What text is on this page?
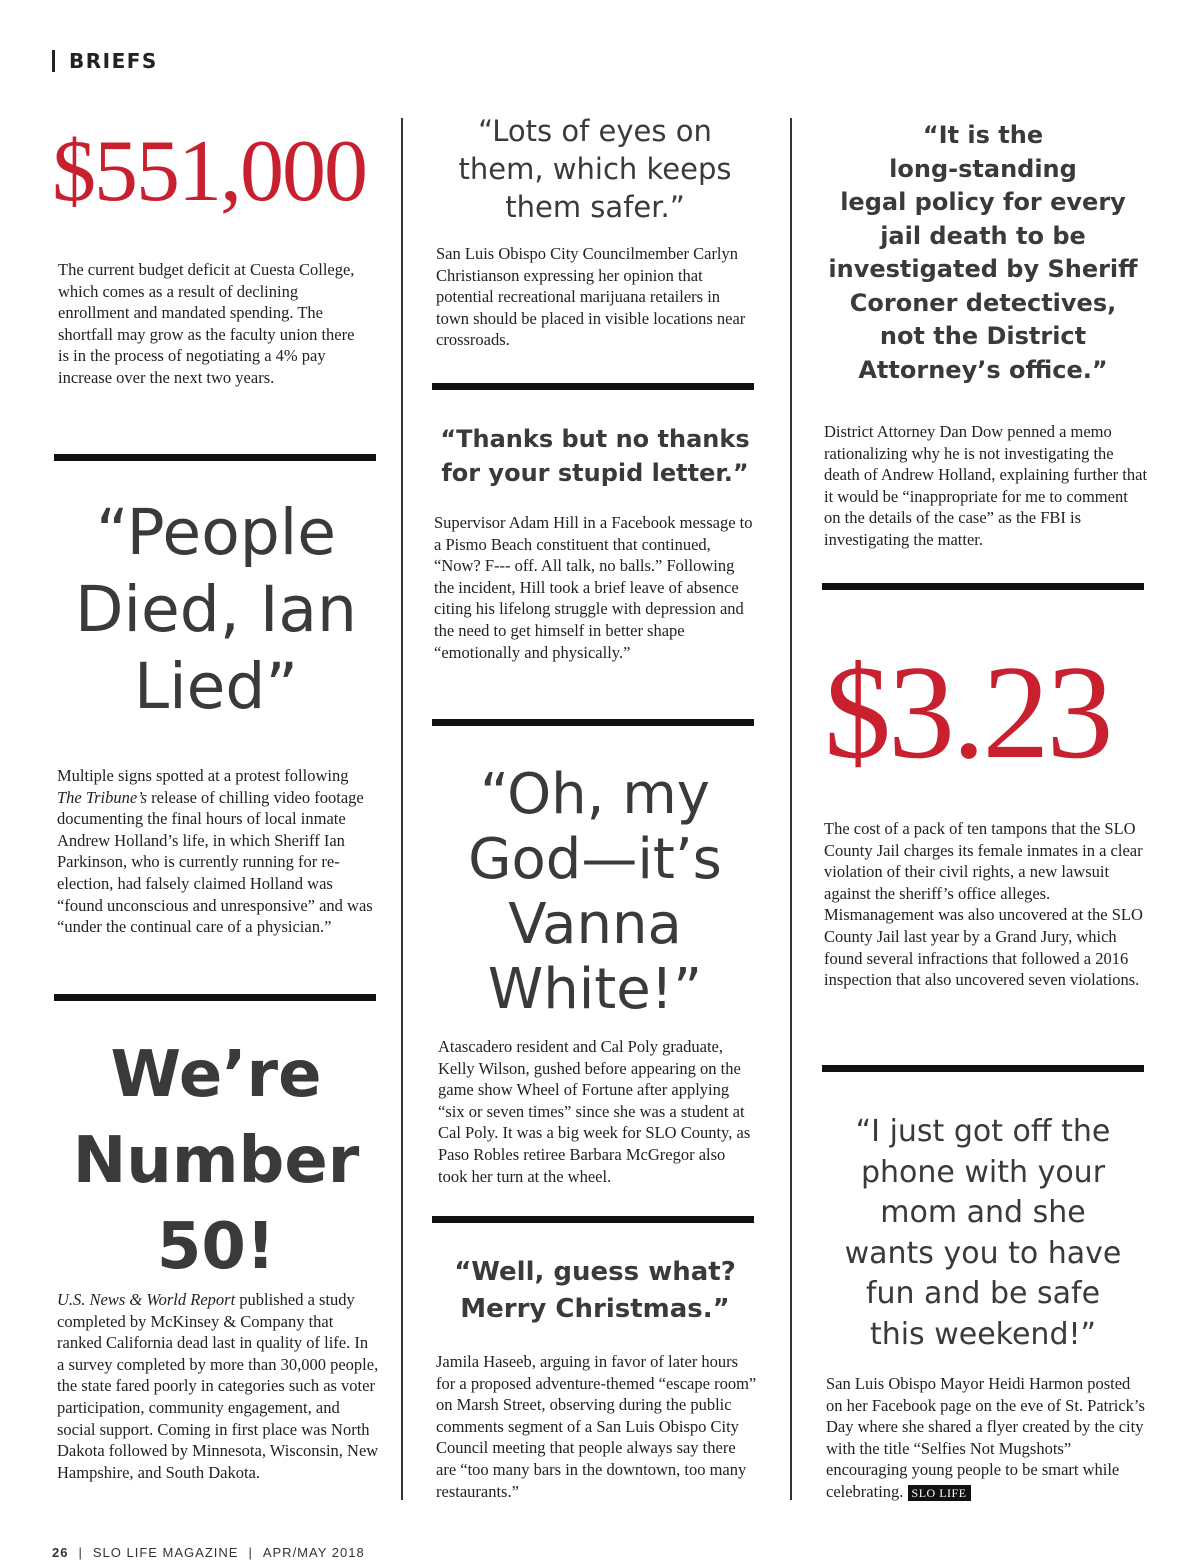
BRIEFS
$551,000
The current budget deficit at Cuesta College, which comes as a result of declining enrollment and mandated spending. The shortfall may grow as the faculty union there is in the process of negotiating a 4% pay increase over the next two years.
“People
Died, Ian
Lied”
Multiple signs spotted at a protest following The Tribune’s release of chilling video footage documenting the final hours of local inmate Andrew Holland’s life, in which Sheriff Ian Parkinson, who is currently running for re-election, had falsely claimed Holland was “found unconscious and unresponsive” and was “under the continual care of a physician.”
We’re
Number
50!
U.S. News & World Report published a study completed by McKinsey & Company that ranked California dead last in quality of life. In a survey completed by more than 30,000 people, the state fared poorly in categories such as voter participation, community engagement, and social support. Coming in first place was North Dakota followed by Minnesota, Wisconsin, New Hampshire, and South Dakota.
“Lots of eyes on
them, which keeps
them safer.”
San Luis Obispo City Councilmember Carlyn Christianson expressing her opinion that potential recreational marijuana retailers in town should be placed in visible locations near crossroads.
“Thanks but no thanks
for your stupid letter.”
Supervisor Adam Hill in a Facebook message to a Pismo Beach constituent that continued, “Now? F--- off. All talk, no balls.” Following the incident, Hill took a brief leave of absence citing his lifelong struggle with depression and the need to get himself in better shape “emotionally and physically.”
“Oh, my
God—it’s
Vanna
White!”
Atascadero resident and Cal Poly graduate, Kelly Wilson, gushed before appearing on the game show Wheel of Fortune after applying “six or seven times” since she was a student at Cal Poly. It was a big week for SLO County, as Paso Robles retiree Barbara McGregor also took her turn at the wheel.
“Well, guess what?
Merry Christmas.”
Jamila Haseeb, arguing in favor of later hours for a proposed adventure-themed “escape room” on Marsh Street, observing during the public comments segment of a San Luis Obispo City Council meeting that people always say there are “too many bars in the downtown, too many restaurants.”
“It is the
long-standing
legal policy for every
jail death to be
investigated by Sheriff
Coroner detectives,
not the District
Attorney’s office.”
District Attorney Dan Dow penned a memo rationalizing why he is not investigating the death of Andrew Holland, explaining further that it would be “inappropriate for me to comment on the details of the case” as the FBI is investigating the matter.
$3.23
The cost of a pack of ten tampons that the SLO County Jail charges its female inmates in a clear violation of their civil rights, a new lawsuit against the sheriff’s office alleges. Mismanagement was also uncovered at the SLO County Jail last year by a Grand Jury, which found several infractions that followed a 2016 inspection that also uncovered seven violations.
“I just got off the
phone with your
mom and she
wants you to have
fun and be safe
this weekend!”
San Luis Obispo Mayor Heidi Harmon posted on her Facebook page on the eve of St. Patrick’s Day where she shared a flyer created by the city with the title “Selfies Not Mugshots” encouraging young people to be smart while celebrating. SLO LIFE
26 | SLO LIFE MAGAZINE | APR/MAY 2018
